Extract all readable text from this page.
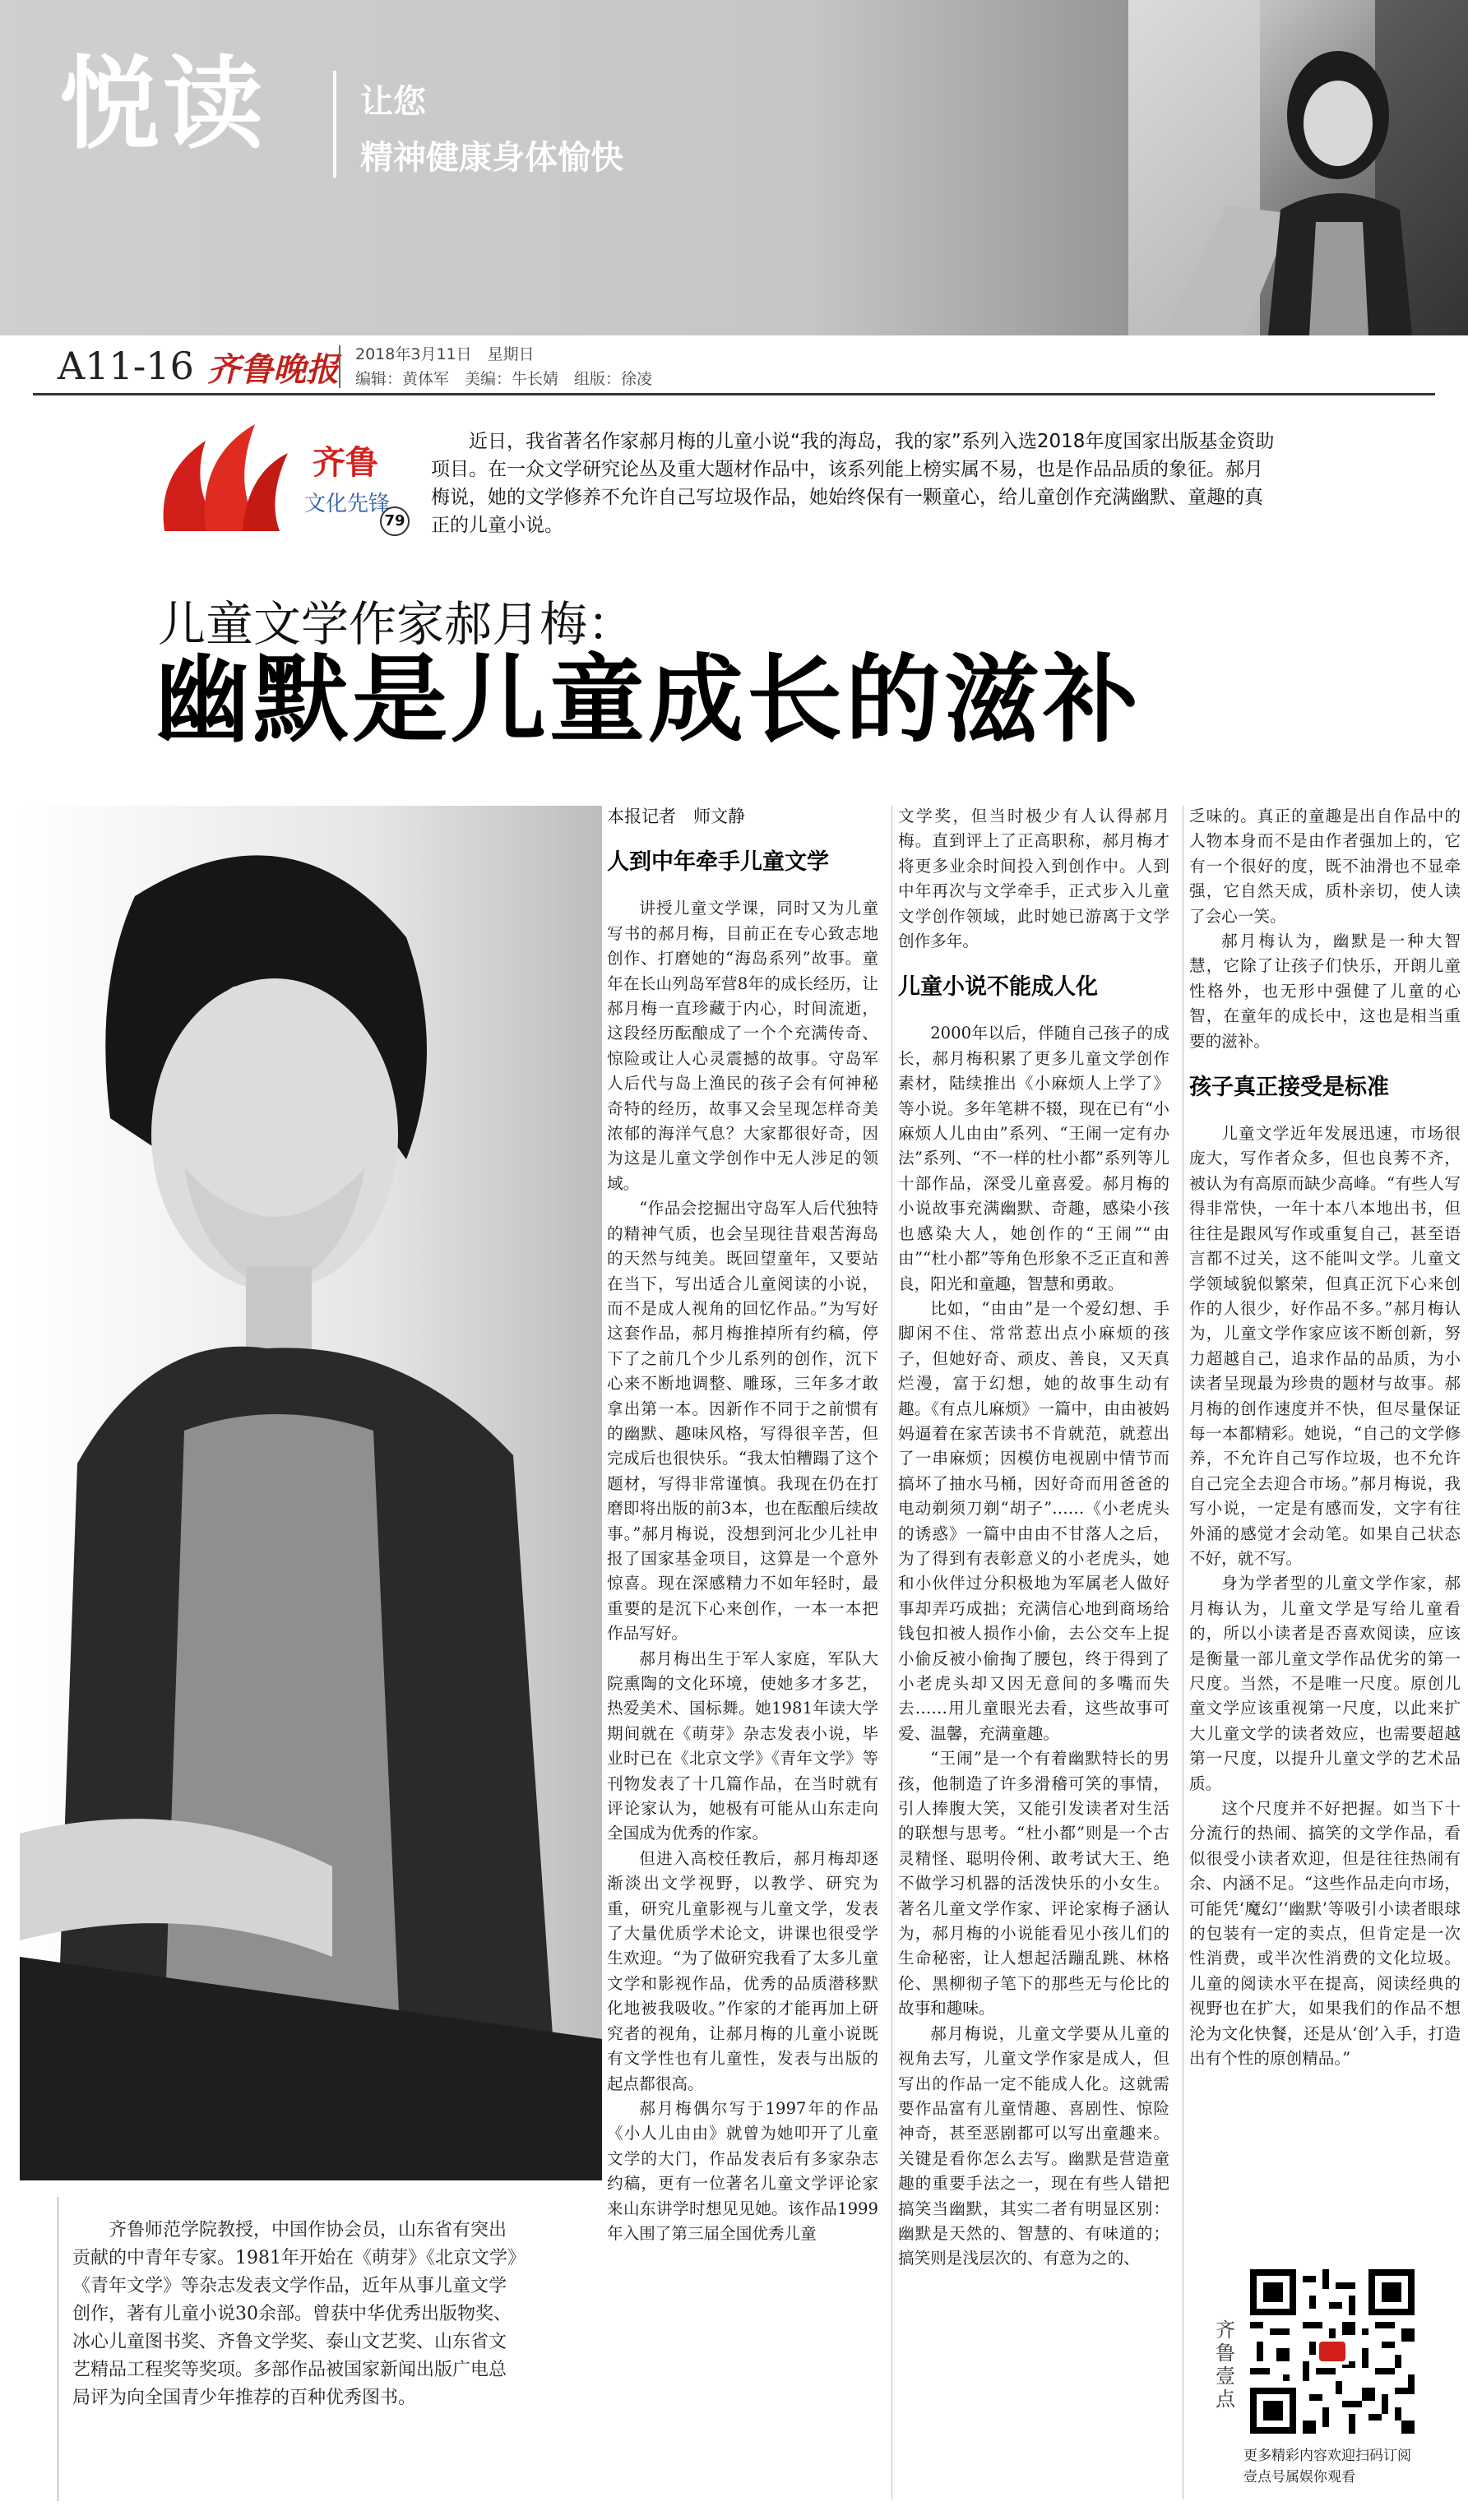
悦读	让您
精神健康身体愉快
A11-16 齐鲁晚报 2018年3月11日　星期日
编辑：黄体军　美编：牛长婧　组版：徐凌
齐鲁
文化先锋
79
近日，我省著名作家郝月梅的儿童小说“我的海岛，我的家”系列入选2018年度国家出版基金资助项目。在一众文学研究论丛及重大题材作品中，该系列能上榜实属不易，也是作品品质的象征。郝月梅说，她的文学修养不允许自己写垃圾作品，她始终保有一颗童心，给儿童创作充满幽默、童趣的真正的儿童小说。
儿童文学作家郝月梅：
幽默是儿童成长的滋补
齐鲁师范学院教授，中国作协会员，山东省有突出贡献的中青年专家。1981年开始在《萌芽》《北京文学》《青年文学》等杂志发表文学作品，近年从事儿童文学创作，著有儿童小说30余部。曾获中华优秀出版物奖、冰心儿童图书奖、齐鲁文学奖、泰山文艺奖、山东省文艺精品工程奖等奖项。多部作品被国家新闻出版广电总局评为向全国青少年推荐的百种优秀图书。

本报记者　师文静

人到中年牵手儿童文学

讲授儿童文学课，同时又为儿童写书的郝月梅，目前正在专心致志地创作、打磨她的“海岛系列”故事。童年在长山列岛军营8年的成长经历，让郝月梅一直珍藏于内心，时间流逝，这段经历酝酿成了一个个充满传奇、惊险或让人心灵震撼的故事。守岛军人后代与岛上渔民的孩子会有何神秘奇特的经历，故事又会呈现怎样奇美浓郁的海洋气息？大家都很好奇，因为这是儿童文学创作中无人涉足的领域。

“作品会挖掘出守岛军人后代独特的精神气质，也会呈现往昔艰苦海岛的天然与纯美。既回望童年，又要站在当下，写出适合儿童阅读的小说，而不是成人视角的回忆作品。”为写好这套作品，郝月梅推掉所有约稿，停下了之前几个少儿系列的创作，沉下心来不断地调整、雕琢，三年多才敢拿出第一本。因新作不同于之前惯有的幽默、趣味风格，写得很辛苦，但完成后也很快乐。“我太怕糟蹋了这个题材，写得非常谨慎。我现在仍在打磨即将出版的前3本，也在酝酿后续故事。”郝月梅说，没想到河北少儿社申报了国家基金项目，这算是一个意外惊喜。现在深感精力不如年轻时，最重要的是沉下心来创作，一本一本把作品写好。

郝月梅出生于军人家庭，军队大院熏陶的文化环境，使她多才多艺，热爱美术、国标舞。她1981年读大学期间就在《萌芽》杂志发表小说，毕业时已在《北京文学》《青年文学》等刊物发表了十几篇作品，在当时就有评论家认为，她极有可能从山东走向全国成为优秀的作家。

但进入高校任教后，郝月梅却逐渐淡出文学视野，以教学、研究为重，研究儿童影视与儿童文学，发表了大量优质学术论文，讲课也很受学生欢迎。“为了做研究我看了太多儿童文学和影视作品，优秀的品质潜移默化地被我吸收。”作家的才能再加上研究者的视角，让郝月梅的儿童小说既有文学性也有儿童性，发表与出版的起点都很高。

郝月梅偶尔写于1997年的作品《小人儿由由》就曾为她叩开了儿童文学的大门，作品发表后有多家杂志约稿，更有一位著名儿童文学评论家来山东讲学时想见见她。该作品1999年入围了第三届全国优秀儿童

文学奖，但当时极少有人认得郝月梅。直到评上了正高职称，郝月梅才将更多业余时间投入到创作中。人到中年再次与文学牵手，正式步入儿童文学创作领域，此时她已游离于文学创作多年。

儿童小说不能成人化

2000年以后，伴随自己孩子的成长，郝月梅积累了更多儿童文学创作素材，陆续推出《小麻烦人上学了》等小说。多年笔耕不辍，现在已有“小麻烦人儿由由”系列、“王闹一定有办法”系列、“不一样的杜小都”系列等儿十部作品，深受儿童喜爱。郝月梅的小说故事充满幽默、奇趣，感染小孩也感染大人，她创作的“王闹”“由由”“杜小都”等角色形象不乏正直和善良，阳光和童趣，智慧和勇敢。

比如，“由由”是一个爱幻想、手脚闲不住、常常惹出点小麻烦的孩子，但她好奇、顽皮、善良，又天真烂漫，富于幻想，她的故事生动有趣。《有点儿麻烦》一篇中，由由被妈妈逼着在家苦读书不肯就范，就惹出了一串麻烦；因模仿电视剧中情节而搞坏了抽水马桶，因好奇而用爸爸的电动剃须刀剃“胡子”……《小老虎头的诱惑》一篇中由由不甘落人之后，为了得到有表彰意义的小老虎头，她和小伙伴过分积极地为军属老人做好事却弄巧成拙；充满信心地到商场给钱包扣被人损作小偷，去公交车上捉小偷反被小偷掏了腰包，终于得到了小老虎头却又因无意间的多嘴而失去……用儿童眼光去看，这些故事可爱、温馨，充满童趣。

“王闹”是一个有着幽默特长的男孩，他制造了许多滑稽可笑的事情，引人捧腹大笑，又能引发读者对生活的联想与思考。“杜小都”则是一个古灵精怪、聪明伶俐、敢考试大王、绝不做学习机器的活泼快乐的小女生。著名儿童文学作家、评论家梅子涵认为，郝月梅的小说能看见小孩儿们的生命秘密，让人想起活蹦乱跳、林格伦、黑柳彻子笔下的那些无与伦比的故事和趣味。

郝月梅说，儿童文学要从儿童的视角去写，儿童文学作家是成人，但写出的作品一定不能成人化。这就需要作品富有儿童情趣、喜剧性、惊险神奇，甚至恶剧都可以写出童趣来。关键是看你怎么去写。幽默是营造童趣的重要手法之一，现在有些人错把搞笑当幽默，其实二者有明显区别：幽默是天然的、智慧的、有味道的；搞笑则是浅层次的、有意为之的、

乏味的。真正的童趣是出自作品中的人物本身而不是由作者强加上的，它有一个很好的度，既不油滑也不显牵强，它自然天成，质朴亲切，使人读了会心一笑。

郝月梅认为，幽默是一种大智慧，它除了让孩子们快乐，开朗儿童性格外，也无形中强健了儿童的心智，在童年的成长中，这也是相当重要的滋补。

孩子真正接受是标准

儿童文学近年发展迅速，市场很庞大，写作者众多，但也良莠不齐，被认为有高原而缺少高峰。“有些人写得非常快，一年十本八本地出书，但往往是跟风写作或重复自己，甚至语言都不过关，这不能叫文学。儿童文学领域貌似繁荣，但真正沉下心来创作的人很少，好作品不多。”郝月梅认为，儿童文学作家应该不断创新，努力超越自己，追求作品的品质，为小读者呈现最为珍贵的题材与故事。郝月梅的创作速度并不快，但尽量保证每一本都精彩。她说，“自己的文学修养，不允许自己写作垃圾，也不允许自己完全去迎合市场。”郝月梅说，我写小说，一定是有感而发，文字有往外涌的感觉才会动笔。如果自己状态不好，就不写。

身为学者型的儿童文学作家，郝月梅认为，儿童文学是写给儿童看的，所以小读者是否喜欢阅读，应该是衡量一部儿童文学作品优劣的第一尺度。当然，不是唯一尺度。原创儿童文学应该重视第一尺度，以此来扩大儿童文学的读者效应，也需要超越第一尺度，以提升儿童文学的艺术品质。

这个尺度并不好把握。如当下十分流行的热闹、搞笑的文学作品，看似很受小读者欢迎，但是往往热闹有余、内涵不足。“这些作品走向市场，可能凭‘魔幻’‘幽默’等吸引小读者眼球的包装有一定的卖点，但肯定是一次性消费，或半次性消费的文化垃圾。儿童的阅读水平在提高，阅读经典的视野也在扩大，如果我们的作品不想沦为文化快餐，还是从‘创’入手，打造出有个性的原创精品。”

齐鲁壹点
更多精彩内容欢迎扫码订阅
壹点号属娱你观看
